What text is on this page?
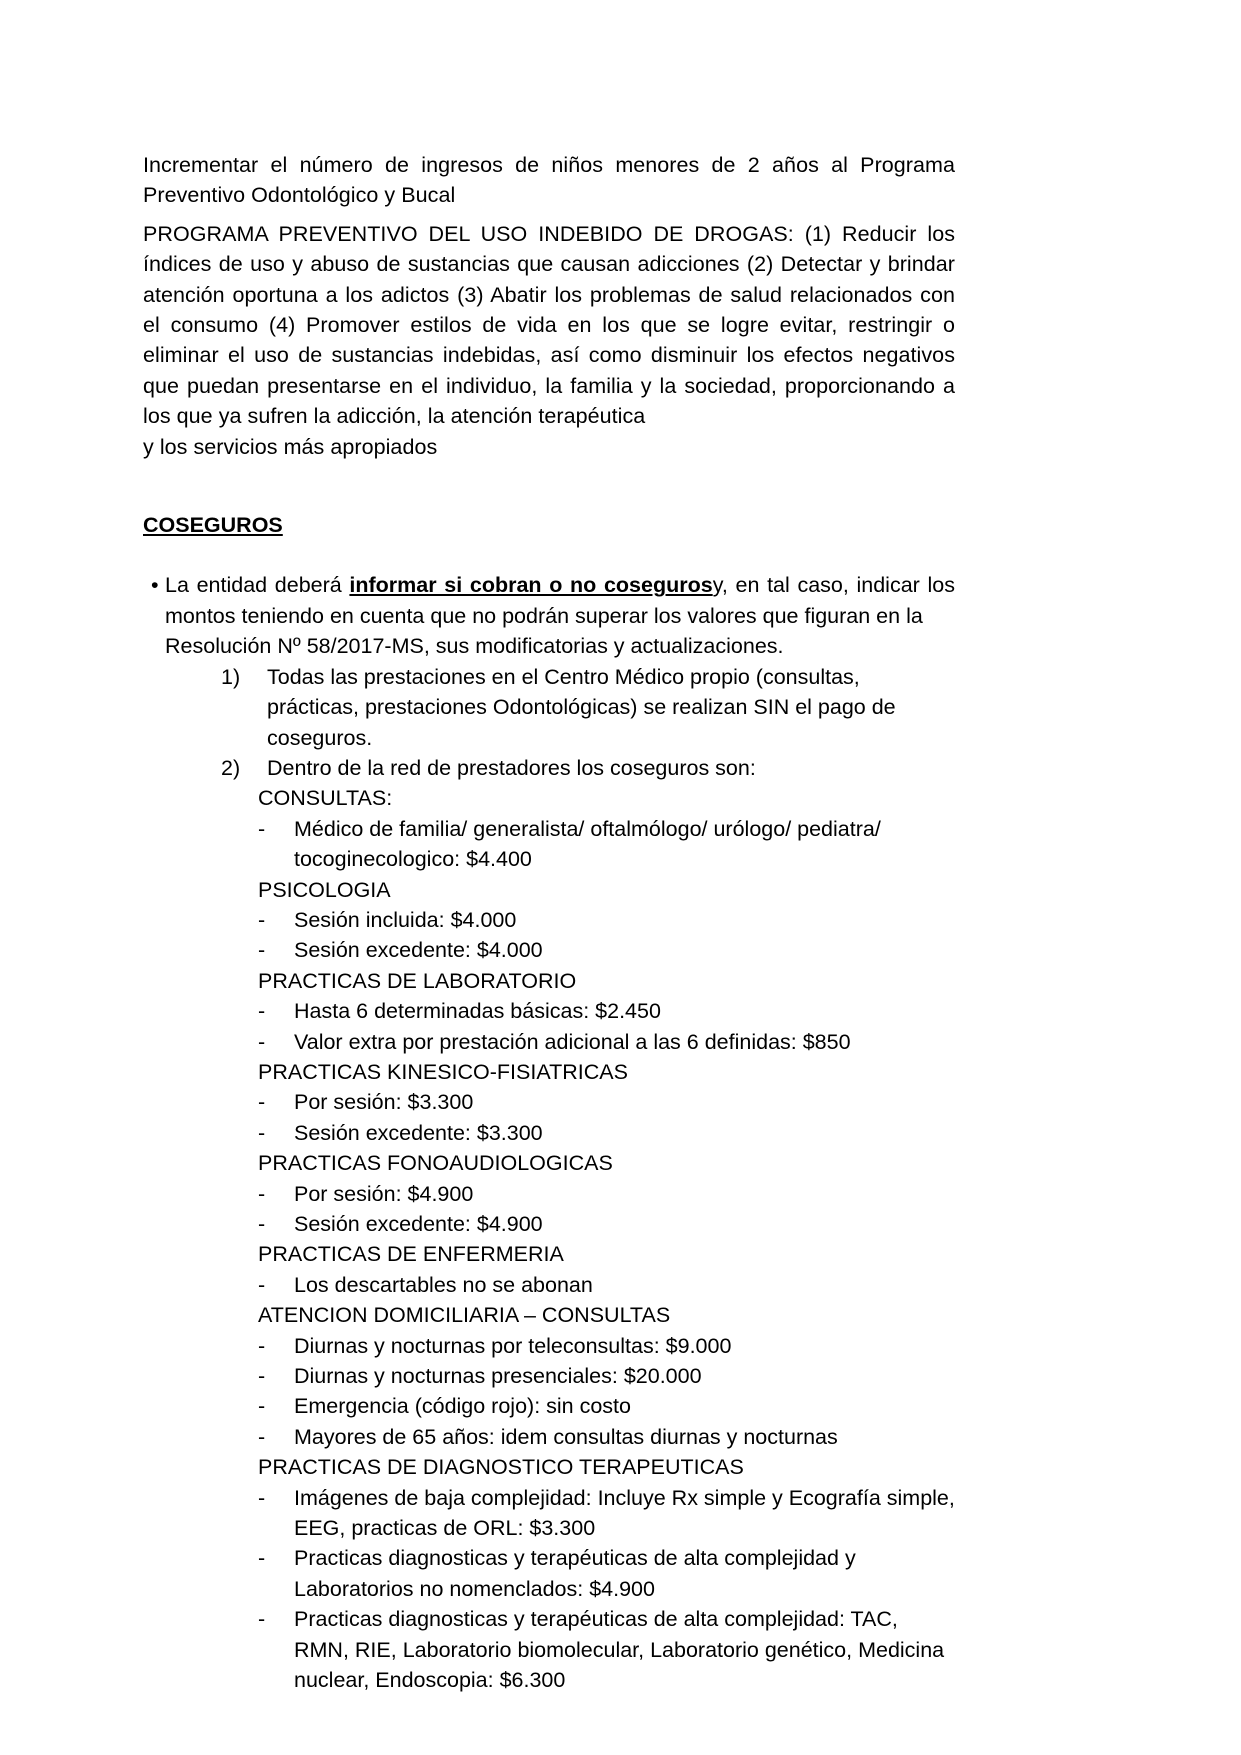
Incrementar el número de ingresos de niños menores de 2 años al Programa Preventivo Odontológico y Bucal

PROGRAMA PREVENTIVO DEL USO INDEBIDO DE DROGAS: (1) Reducir los índices de uso y abuso de sustancias que causan adicciones (2) Detectar y brindar atención oportuna a los adictos (3) Abatir los problemas de salud relacionados con el consumo (4) Promover estilos de vida en los que se logre evitar, restringir o eliminar el uso de sustancias indebidas, así como disminuir los efectos negativos que puedan presentarse en el individuo, la familia y la sociedad, proporcionando a los que ya sufren la adicción, la atención terapéutica

y los servicios más apropiados

COSEGUROS
• La entidad deberá informar si cobran o no cosegurosy, en tal caso, indicar los montos teniendo en cuenta que no podrán superar los valores que figuran en la
Resolución Nº 58/2017-MS, sus modificatorias y actualizaciones.
1)	Todas las prestaciones en el Centro Médico propio (consultas, prácticas, prestaciones Odontológicas) se realizan SIN el pago de coseguros.
2)	Dentro de la red de prestadores los coseguros son:
CONSULTAS:
-	Médico de familia/ generalista/ oftalmólogo/ urólogo/ pediatra/ tocoginecologico: $4.400
PSICOLOGIA
-	Sesión incluida: $4.000
-	Sesión excedente: $4.000
PRACTICAS DE LABORATORIO
-	Hasta 6 determinadas básicas: $2.450
-	Valor extra por prestación adicional a las 6 definidas: $850
PRACTICAS KINESICO-FISIATRICAS
-	Por sesión: $3.300
-	Sesión excedente: $3.300
PRACTICAS FONOAUDIOLOGICAS
-	Por sesión: $4.900
-	Sesión excedente: $4.900
PRACTICAS DE ENFERMERIA
-	Los descartables no se abonan
ATENCION DOMICILIARIA – CONSULTAS
-	Diurnas y nocturnas por teleconsultas: $9.000
-	Diurnas y nocturnas presenciales: $20.000
-	Emergencia (código rojo): sin costo
-	Mayores de 65 años: idem consultas diurnas y nocturnas
PRACTICAS DE DIAGNOSTICO TERAPEUTICAS
-	Imágenes de baja complejidad: Incluye Rx simple y Ecografía simple, EEG, practicas de ORL: $3.300
-	Practicas diagnosticas y terapéuticas de alta complejidad y Laboratorios no nomenclados: $4.900
-	Practicas diagnosticas y terapéuticas de alta complejidad: TAC, RMN, RIE, Laboratorio biomolecular, Laboratorio genético, Medicina nuclear, Endoscopia: $6.300
